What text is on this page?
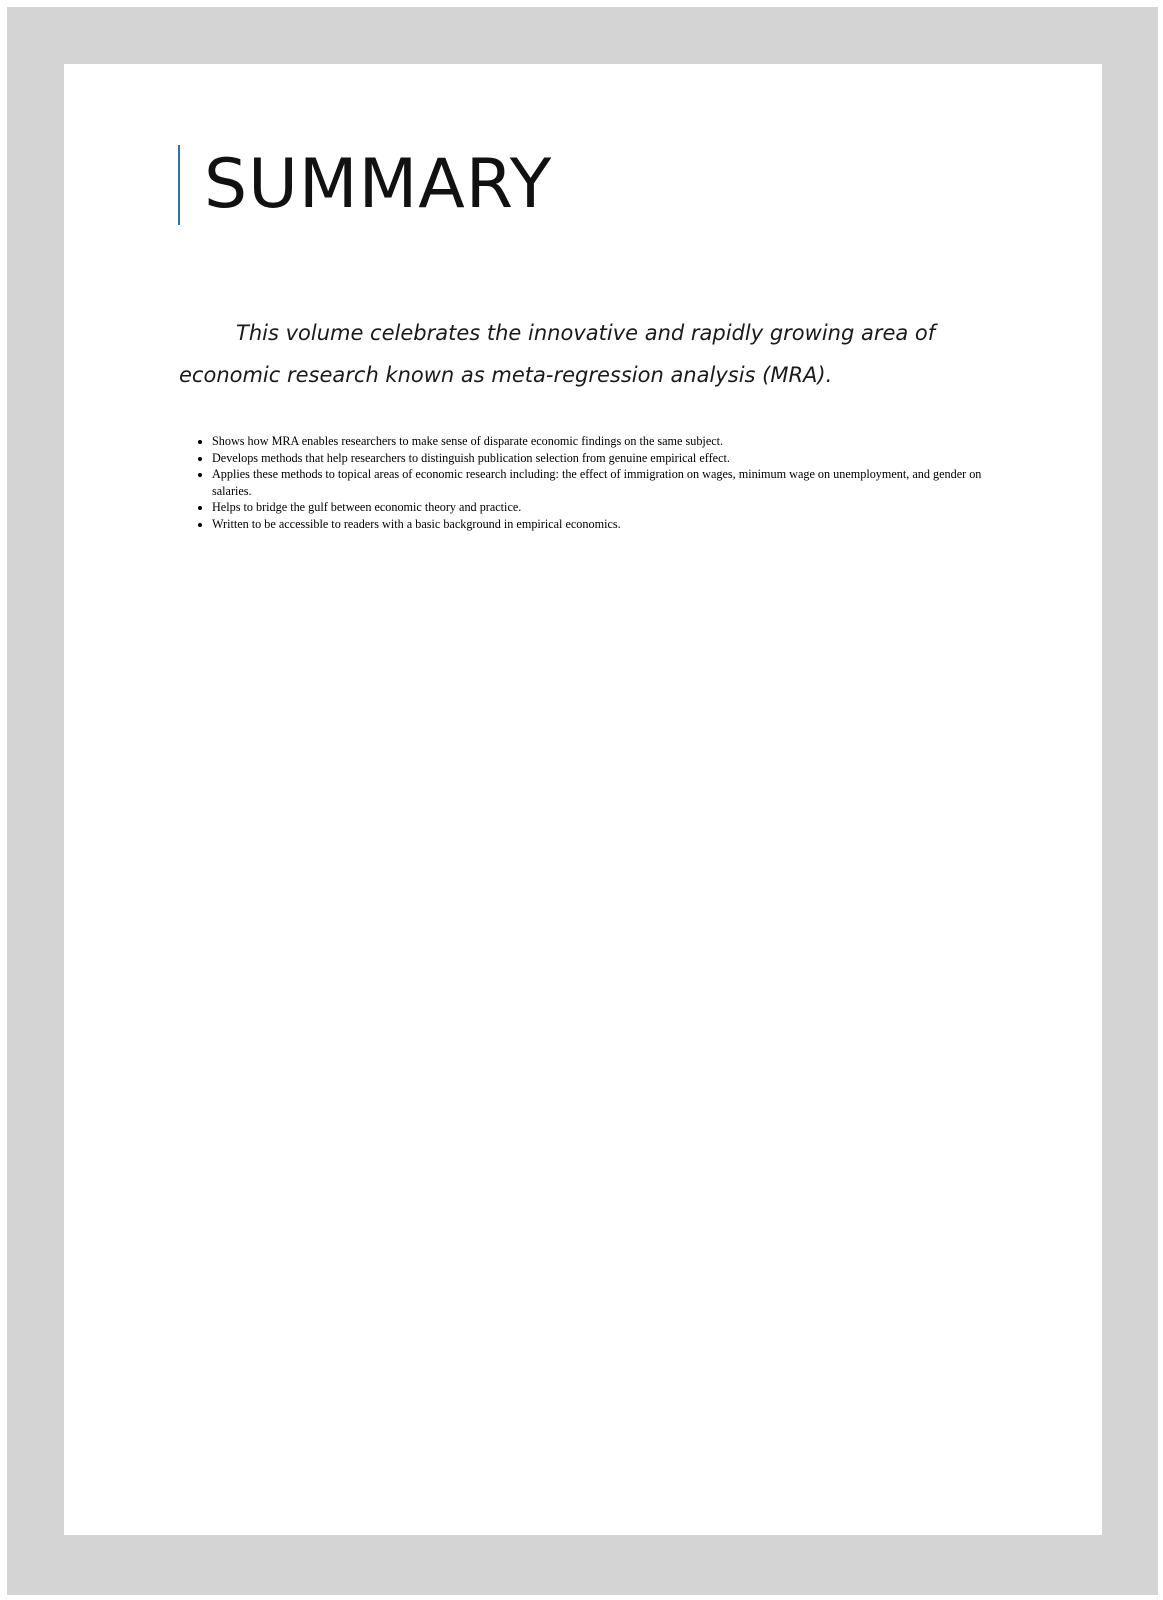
SUMMARY

This volume celebrates the innovative and rapidly growing area of economic research known as meta-regression analysis (MRA).

• Shows how MRA enables researchers to make sense of disparate economic findings on the same subject.
• Develops methods that help researchers to distinguish publication selection from genuine empirical effect.
• Applies these methods to topical areas of economic research including: the effect of immigration on wages, minimum wage on unemployment, and gender on salaries.
• Helps to bridge the gulf between economic theory and practice.
• Written to be accessible to readers with a basic background in empirical economics.
